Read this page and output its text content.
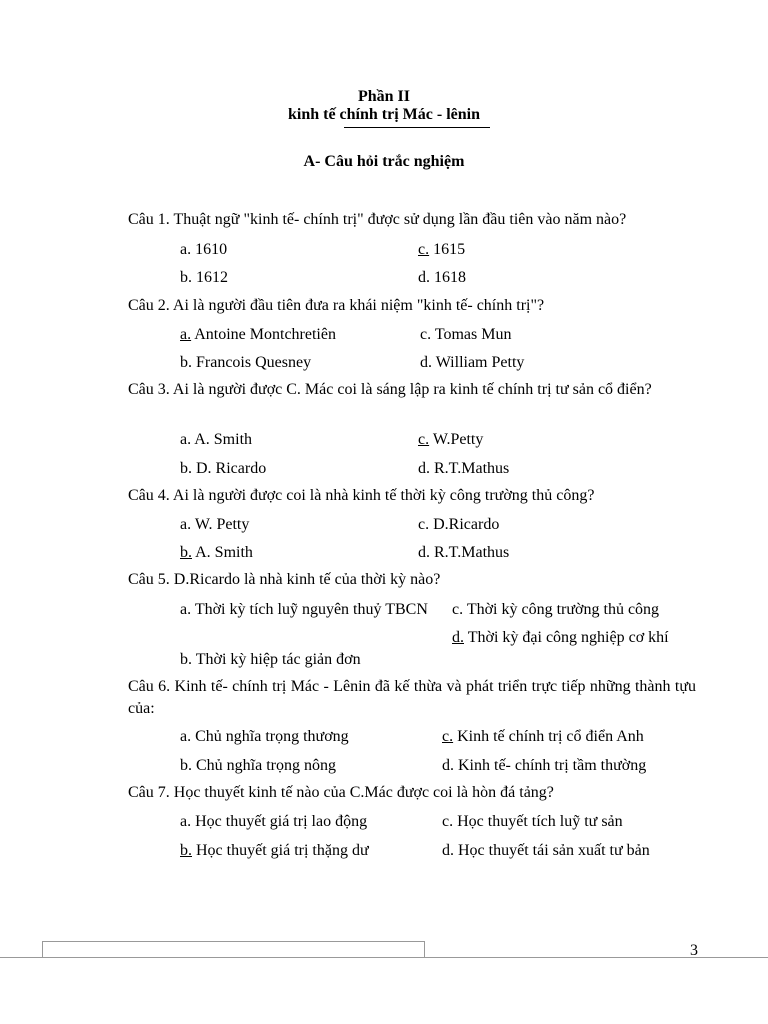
Phần II
kinh tế chính trị Mác - lênin
A- Câu hỏi trắc nghiệm
Câu 1. Thuật ngữ "kinh tế- chính trị" được sử dụng lần đầu tiên vào năm nào?
a. 1610	c. 1615
b. 1612	d. 1618
Câu 2. Ai là người đầu tiên đưa ra khái niệm "kinh tế- chính trị"?
a. Antoine Montchretiên	c. Tomas Mun
b. Francois Quesney	d. William Petty
Câu 3. Ai là người được C. Mác coi là sáng lập ra kinh tế chính trị tư sản cổ điển?
a. A. Smith	c. W.Petty
b. D. Ricardo	d. R.T.Mathus
Câu 4. Ai là người được coi là nhà kinh tế thời kỳ công trường thủ công?
a. W. Petty	c. D.Ricardo
b. A. Smith	d. R.T.Mathus
Câu 5. D.Ricardo là nhà kinh tế của thời kỳ nào?
a. Thời kỳ tích luỹ nguyên thuỷ TBCN	c. Thời kỳ công trường thủ công
d. Thời kỳ đại công nghiệp cơ khí
b. Thời kỳ hiệp tác giản đơn
Câu 6. Kinh tế- chính trị Mác - Lênin đã kế thừa và phát triển trực tiếp những thành tựu của:
a. Chủ nghĩa trọng thương	c. Kinh tế chính trị cổ điển Anh
b. Chủ nghĩa trọng nông	d. Kinh tế- chính trị tầm thường
Câu 7. Học thuyết kinh tế nào của C.Mác được coi là hòn đá tảng?
a. Học thuyết giá trị lao động	c. Học thuyết tích luỹ tư sản
b. Học thuyết giá trị thặng dư	d. Học thuyết tái sản xuất tư bản
3
